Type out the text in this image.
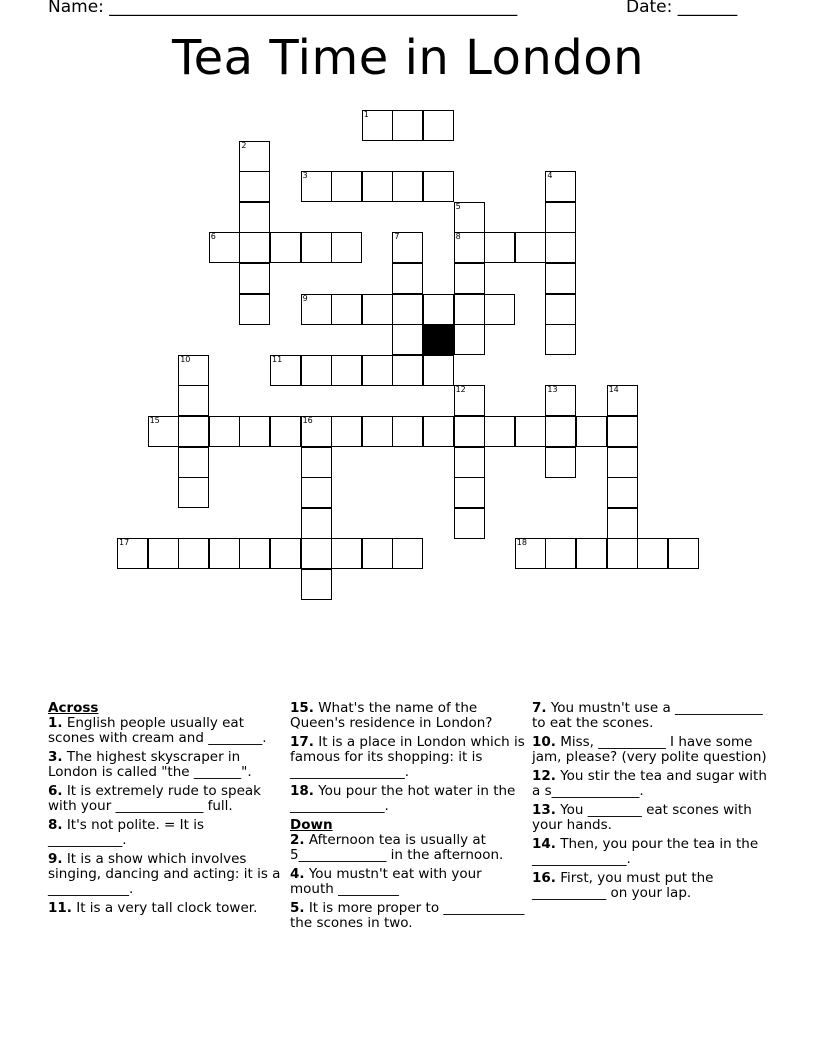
Name: ________________________________________________	Date: _______
Tea Time in London
1
2
3	4
5
6	7	8
9
10	11
12	13	14
15	16
17	18
Across
1. English people usually eat scones with cream and ________.
3. The highest skyscraper in London is called "the _______".
6. It is extremely rude to speak with your _____________ full.
8. It's not polite. = It is ___________.
9. It is a show which involves singing, dancing and acting: it is a ____________.
11. It is a very tall clock tower.
15. What's the name of the Queen's residence in London?
17. It is a place in London which is famous for its shopping: it is _________________.
18. You pour the hot water in the ______________.
Down
2. Afternoon tea is usually at 5_____________ in the afternoon.
4. You mustn't eat with your mouth _________
5. It is more proper to ____________ the scones in two.
7. You mustn't use a _____________ to eat the scones.
10. Miss, __________ I have some jam, please? (very polite question)
12. You stir the tea and sugar with a s_____________.
13. You ________ eat scones with your hands.
14. Then, you pour the tea in the ______________.
16. First, you must put the ___________ on your lap.
